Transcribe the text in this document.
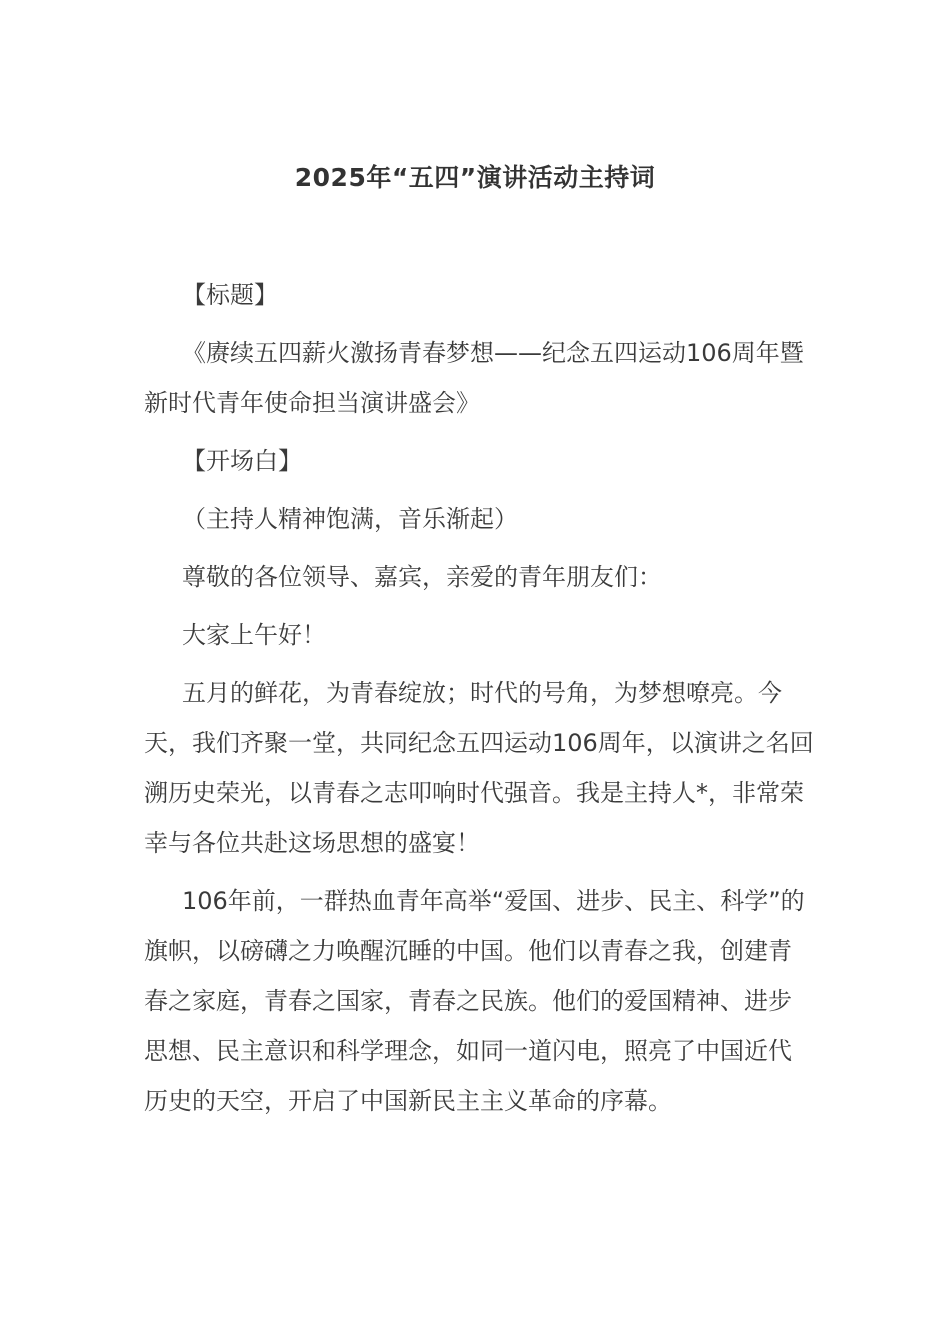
2025年“五四”演讲活动主持词

【标题】

《赓续五四薪火激扬青春梦想——纪念五四运动106周年暨新时代青年使命担当演讲盛会》

【开场白】

（主持人精神饱满，音乐渐起）

尊敬的各位领导、嘉宾，亲爱的青年朋友们：

大家上午好！

五月的鲜花，为青春绽放；时代的号角，为梦想嘹亮。今天，我们齐聚一堂，共同纪念五四运动106周年，以演讲之名回溯历史荣光，以青春之志叩响时代强音。我是主持人*，非常荣幸与各位共赴这场思想的盛宴！

106年前，一群热血青年高举“爱国、进步、民主、科学”的旗帜，以磅礴之力唤醒沉睡的中国。他们以青春之我，创建青春之家庭，青春之国家，青春之民族。他们的爱国精神、进步思想、民主意识和科学理念，如同一道闪电，照亮了中国近代历史的天空，开启了中国新民主主义革命的序幕。
